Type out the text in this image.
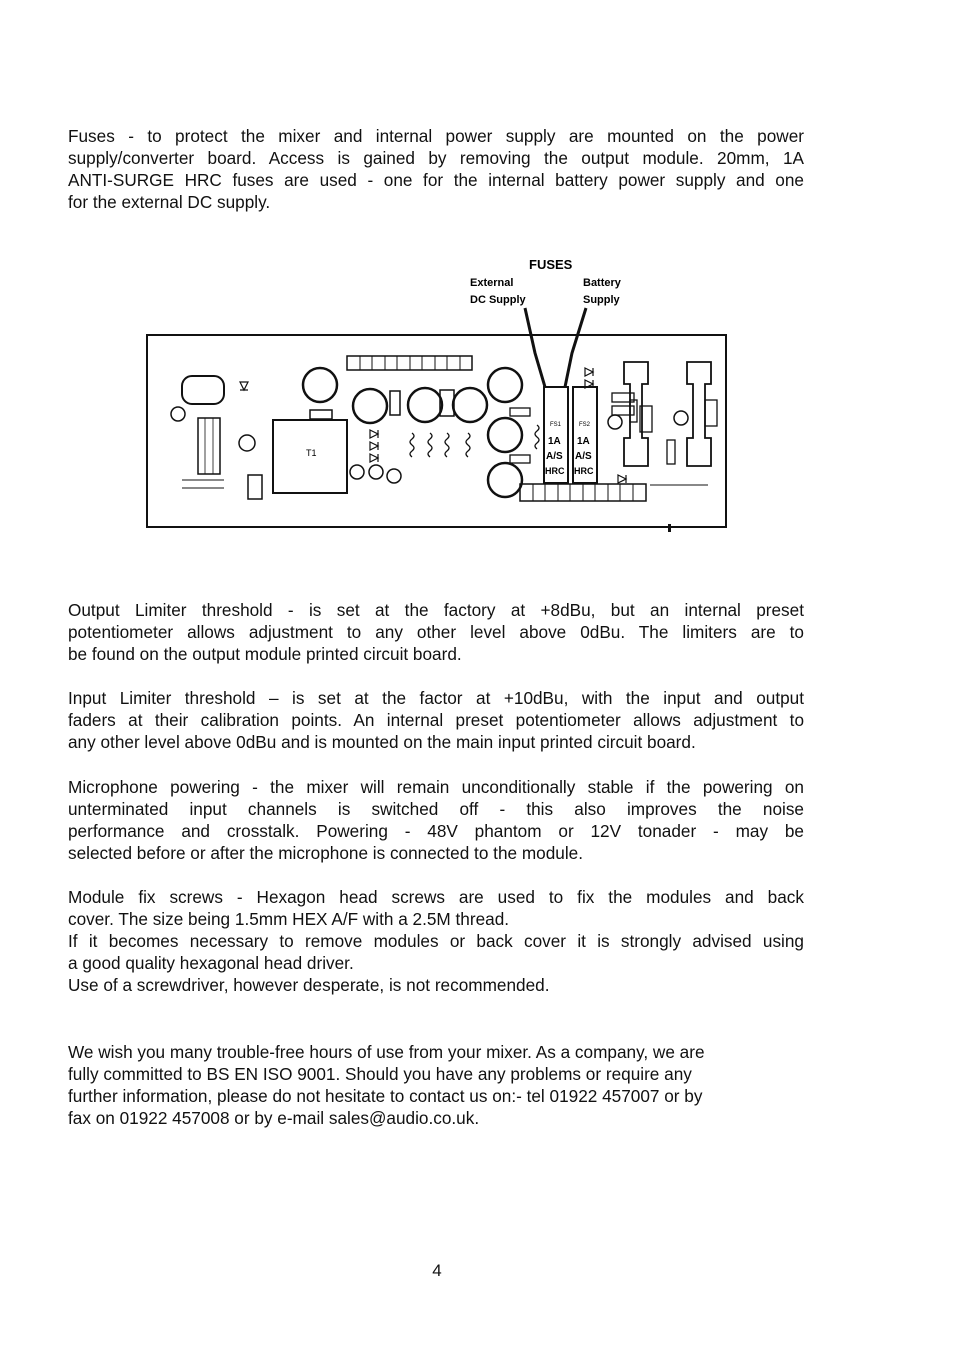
Fuses - to protect the mixer and internal power supply are mounted on the power
supply/converter board. Access is gained by removing the output module. 20mm, 1A
ANTI-SURGE HRC fuses are used - one for the internal battery power supply and one
for the external DC supply.
FUSES
External
DC Supply
Battery
Supply
T1
FS1	FS2
1A
A/S
HRC
1A
A/S
HRC
Output Limiter threshold - is set at the factory at +8dBu, but an internal preset
potentiometer allows adjustment to any other level above 0dBu. The limiters are to
be found on the output module printed circuit board.
Input Limiter threshold – is set at the factor at +10dBu, with the input and output
faders at their calibration points. An internal preset potentiometer allows adjustment to
any other level above 0dBu and is mounted on the main input printed circuit board.
Microphone powering - the mixer will remain unconditionally stable if the powering on
unterminated input channels is switched off - this also improves the noise
performance and crosstalk. Powering - 48V phantom or 12V tonader - may be
selected before or after the microphone is connected to the module.
Module fix screws - Hexagon head screws are used to fix the modules and back
cover. The size being 1.5mm HEX A/F with a 2.5M thread.
If it becomes necessary to remove modules or back cover it is strongly advised using
a good quality hexagonal head driver.
Use of a screwdriver, however desperate, is not recommended.
We wish you many trouble-free hours of use from your mixer. As a company, we are
fully committed to BS EN ISO 9001. Should you have any problems or require any
further information, please do not hesitate to contact us on:- tel 01922 457007 or by
fax on 01922 457008 or by e-mail sales@audio.co.uk.
4
